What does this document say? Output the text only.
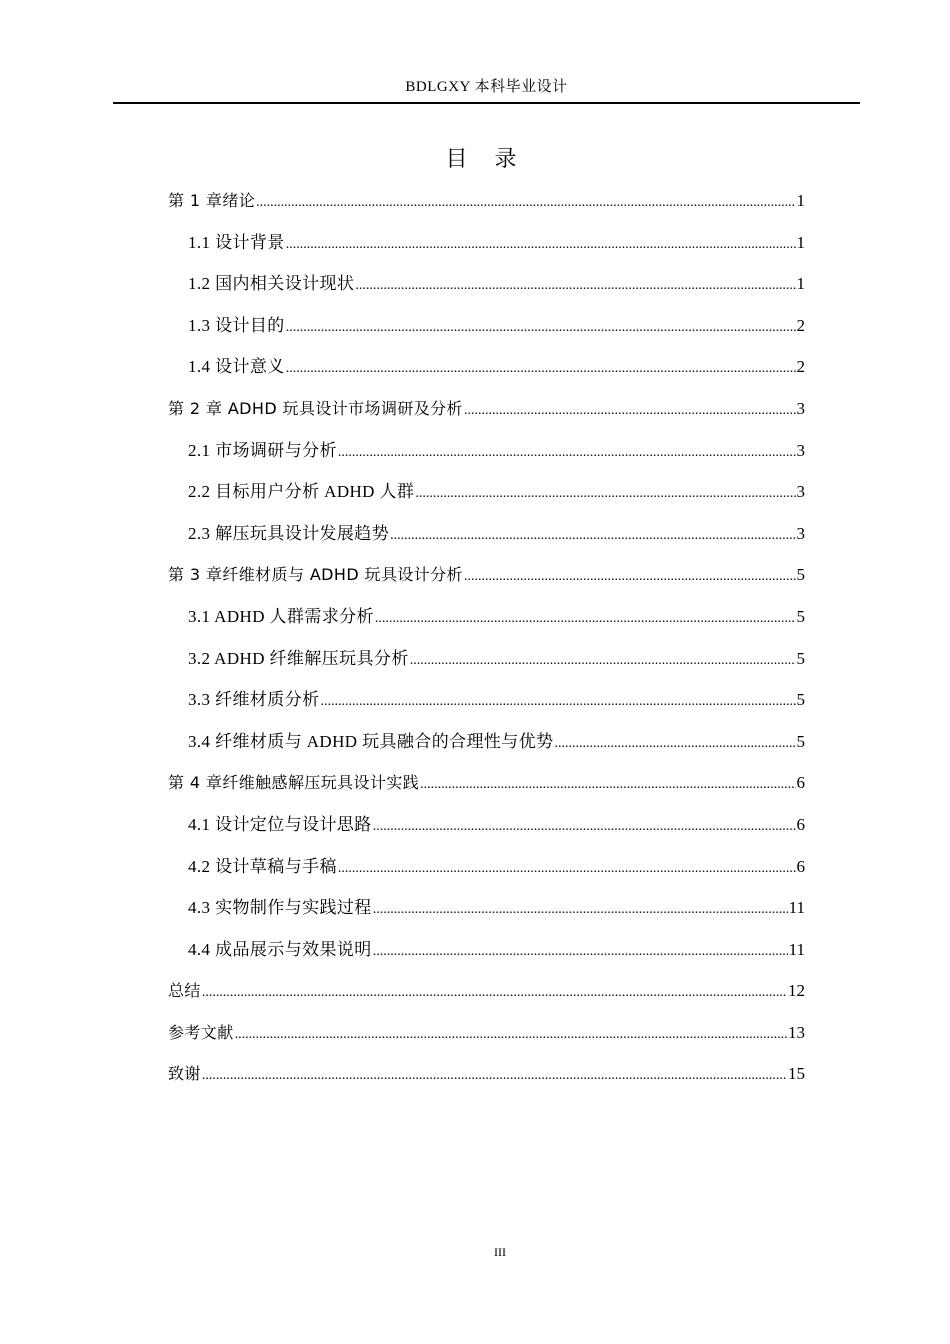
BDLGXY 本科毕业设计
目 录
第 1 章绪论 .....	1
1.1 设计背景 .....	1
1.2 国内相关设计现状 .....	1
1.3 设计目的 .....	2
1.4 设计意义 .....	2
第 2 章 ADHD 玩具设计市场调研及分析 .....	3
2.1 市场调研与分析 .....	3
2.2 目标用户分析 ADHD 人群 .....	3
2.3 解压玩具设计发展趋势 .....	3
第 3 章纤维材质与 ADHD 玩具设计分析 .....	5
3.1 ADHD 人群需求分析 .....	5
3.2 ADHD 纤维解压玩具分析 .....	5
3.3 纤维材质分析 .....	5
3.4 纤维材质与 ADHD 玩具融合的合理性与优势 .....	5
第 4 章纤维触感解压玩具设计实践 .....	6
4.1 设计定位与设计思路 .....	6
4.2 设计草稿与手稿 .....	6
4.3 实物制作与实践过程 .....	11
4.4 成品展示与效果说明 .....	11
总结 .....	12
参考文献 .....	13
致谢 .....	15
III
